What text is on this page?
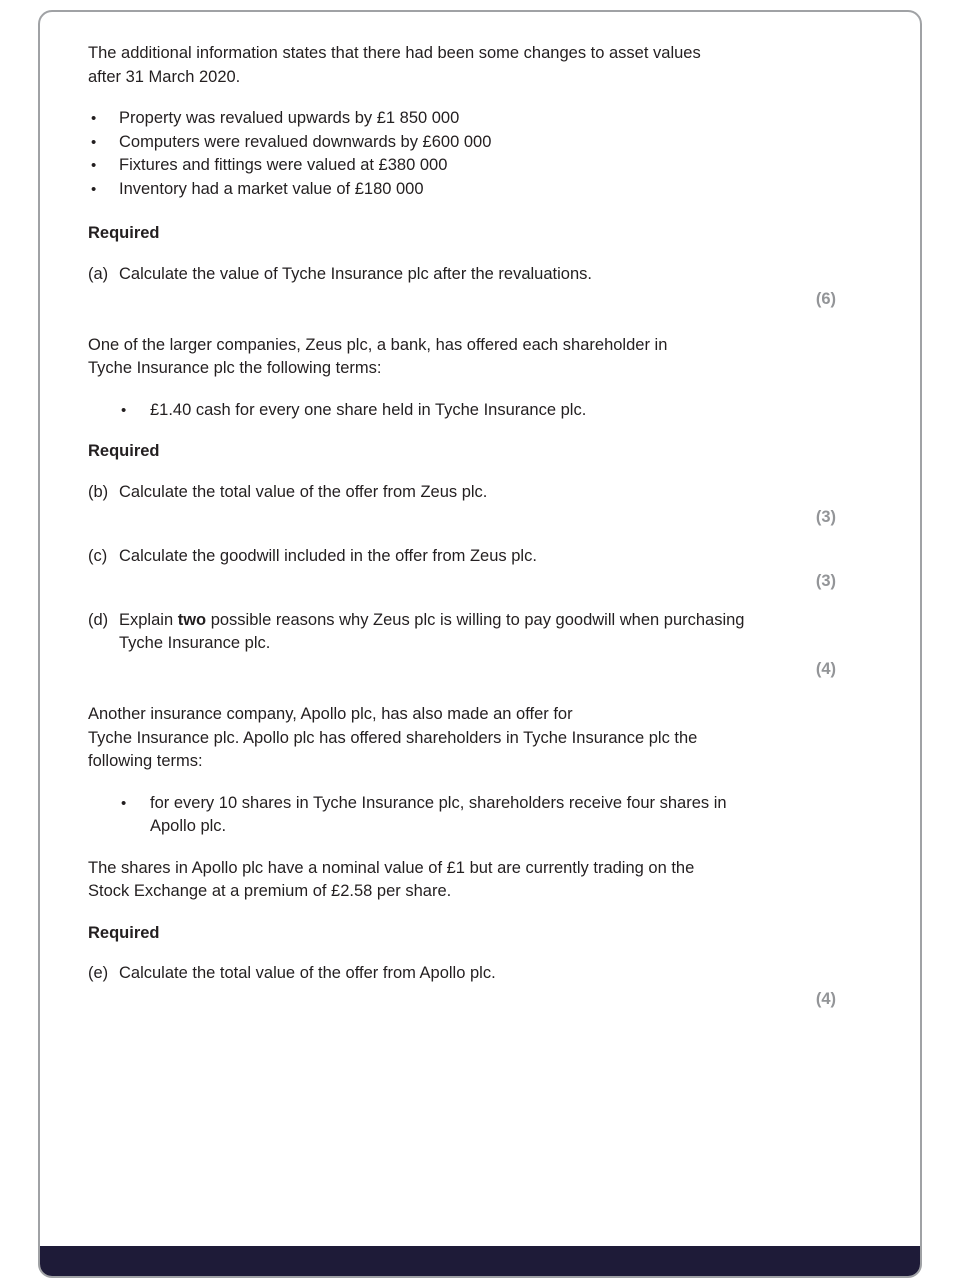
The additional information states that there had been some changes to asset values
after 31 March 2020.

• Property was revalued upwards by £1 850 000
• Computers were revalued downwards by £600 000
• Fixtures and fittings were valued at £380 000
• Inventory had a market value of £180 000

Required

(a) Calculate the value of Tyche Insurance plc after the revaluations.
(6)

One of the larger companies, Zeus plc, a bank, has offered each shareholder in
Tyche Insurance plc the following terms:

• £1.40 cash for every one share held in Tyche Insurance plc.

Required

(b) Calculate the total value of the offer from Zeus plc.
(3)
(c) Calculate the goodwill included in the offer from Zeus plc.
(3)
(d) Explain two possible reasons why Zeus plc is willing to pay goodwill when purchasing Tyche Insurance plc.
(4)

Another insurance company, Apollo plc, has also made an offer for
Tyche Insurance plc. Apollo plc has offered shareholders in Tyche Insurance plc the
following terms:

• for every 10 shares in Tyche Insurance plc, shareholders receive four shares in
Apollo plc.

The shares in Apollo plc have a nominal value of £1 but are currently trading on the
Stock Exchange at a premium of £2.58 per share.

Required

(e) Calculate the total value of the offer from Apollo plc.
(4)
